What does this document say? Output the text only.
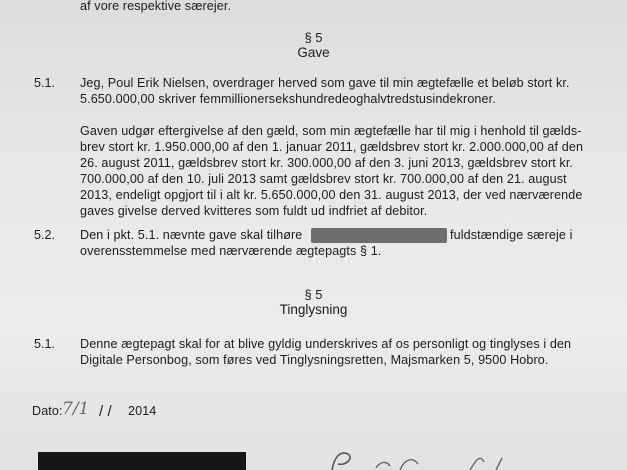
af vore respektive særejer.
§ 5
Gave
5.1. Jeg, Poul Erik Nielsen, overdrager herved som gave til min ægtefælle et beløb stort kr.
5.650.000,00 skriver femmillionersekshundredeoghalvtredstusindekroner.
Gaven udgør eftergivelse af den gæld, som min ægtefælle har til mig i henhold til gælds-
brev stort kr. 1.950.000,00 af den 1. januar 2011, gældsbrev stort kr. 2.000.000,00 af den
26. august 2011, gældsbrev stort kr. 300.000,00 af den 3. juni 2013, gældsbrev stort kr.
700.000,00 af den 10. juli 2013 samt gældsbrev stort kr. 700.000,00 af den 21. august
2013, endeligt opgjort til i alt kr. 5.650.000,00 den 31. august 2013, der ved nærværende
gaves givelse derved kvitteres som fuldt ud indfriet af debitor.
5.2. Den i pkt. 5.1. nævnte gave skal tilhøre	fuldstændige særeje i
overensstemmelse med nærværende ægtepagts § 1.
§ 5
Tinglysning
5.1. Denne ægtepagt skal for at blive gyldig underskrives af os personligt og tinglyses i den
Digitale Personbog, som føres ved Tinglysningsretten, Majsmarken 5, 9500 Hobro.
Dato: 7/1 / / 2014
